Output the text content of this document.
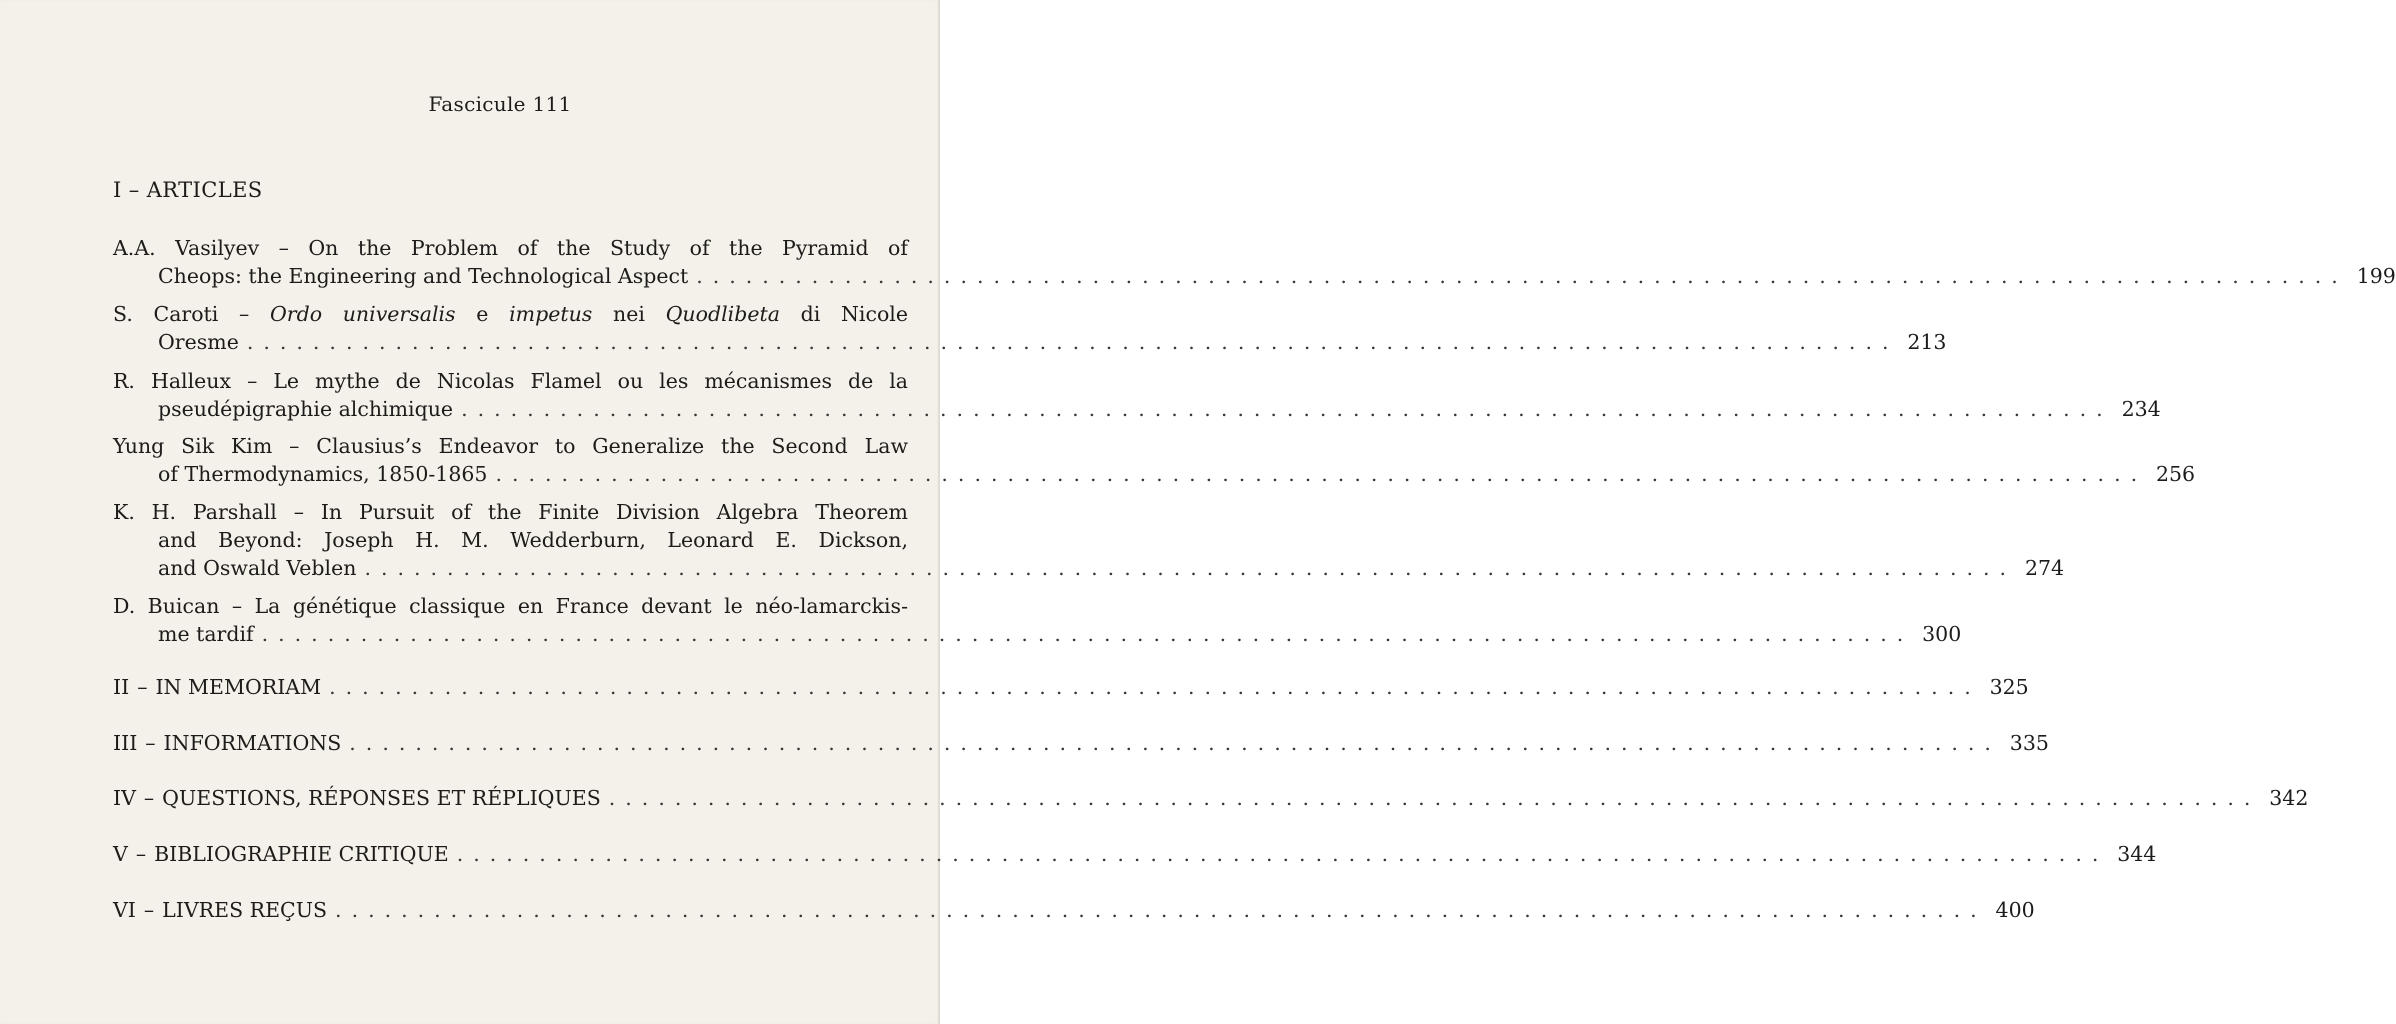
Fascicule 111
I – ARTICLES
A.A. Vasilyev – On the Problem of the Study of the Pyramid of
Cheops: the Engineering and Technological Aspect .................................................................................................... 199
S. Caroti – Ordo universalis e impetus nei Quodlibeta di Nicole
Oresme .................................................................................................... 213
R. Halleux – Le mythe de Nicolas Flamel ou les mécanismes de la
pseudépigraphie alchimique .................................................................................................... 234
Yung Sik Kim – Clausius’s Endeavor to Generalize the Second Law
of Thermodynamics, 1850-1865 .................................................................................................... 256
K. H. Parshall – In Pursuit of the Finite Division Algebra Theorem
and Beyond: Joseph H. M. Wedderburn, Leonard E. Dickson,
and Oswald Veblen .................................................................................................... 274
D. Buican – La génétique classique en France devant le néo-lamarckis-
me tardif .................................................................................................... 300
II – IN MEMORIAM .................................................................................................... 325
III – INFORMATIONS .................................................................................................... 335
IV – QUESTIONS, RÉPONSES ET RÉPLIQUES .................................................................................................... 342
V – BIBLIOGRAPHIE CRITIQUE .................................................................................................... 344
VI – LIVRES REÇUS .................................................................................................... 400
